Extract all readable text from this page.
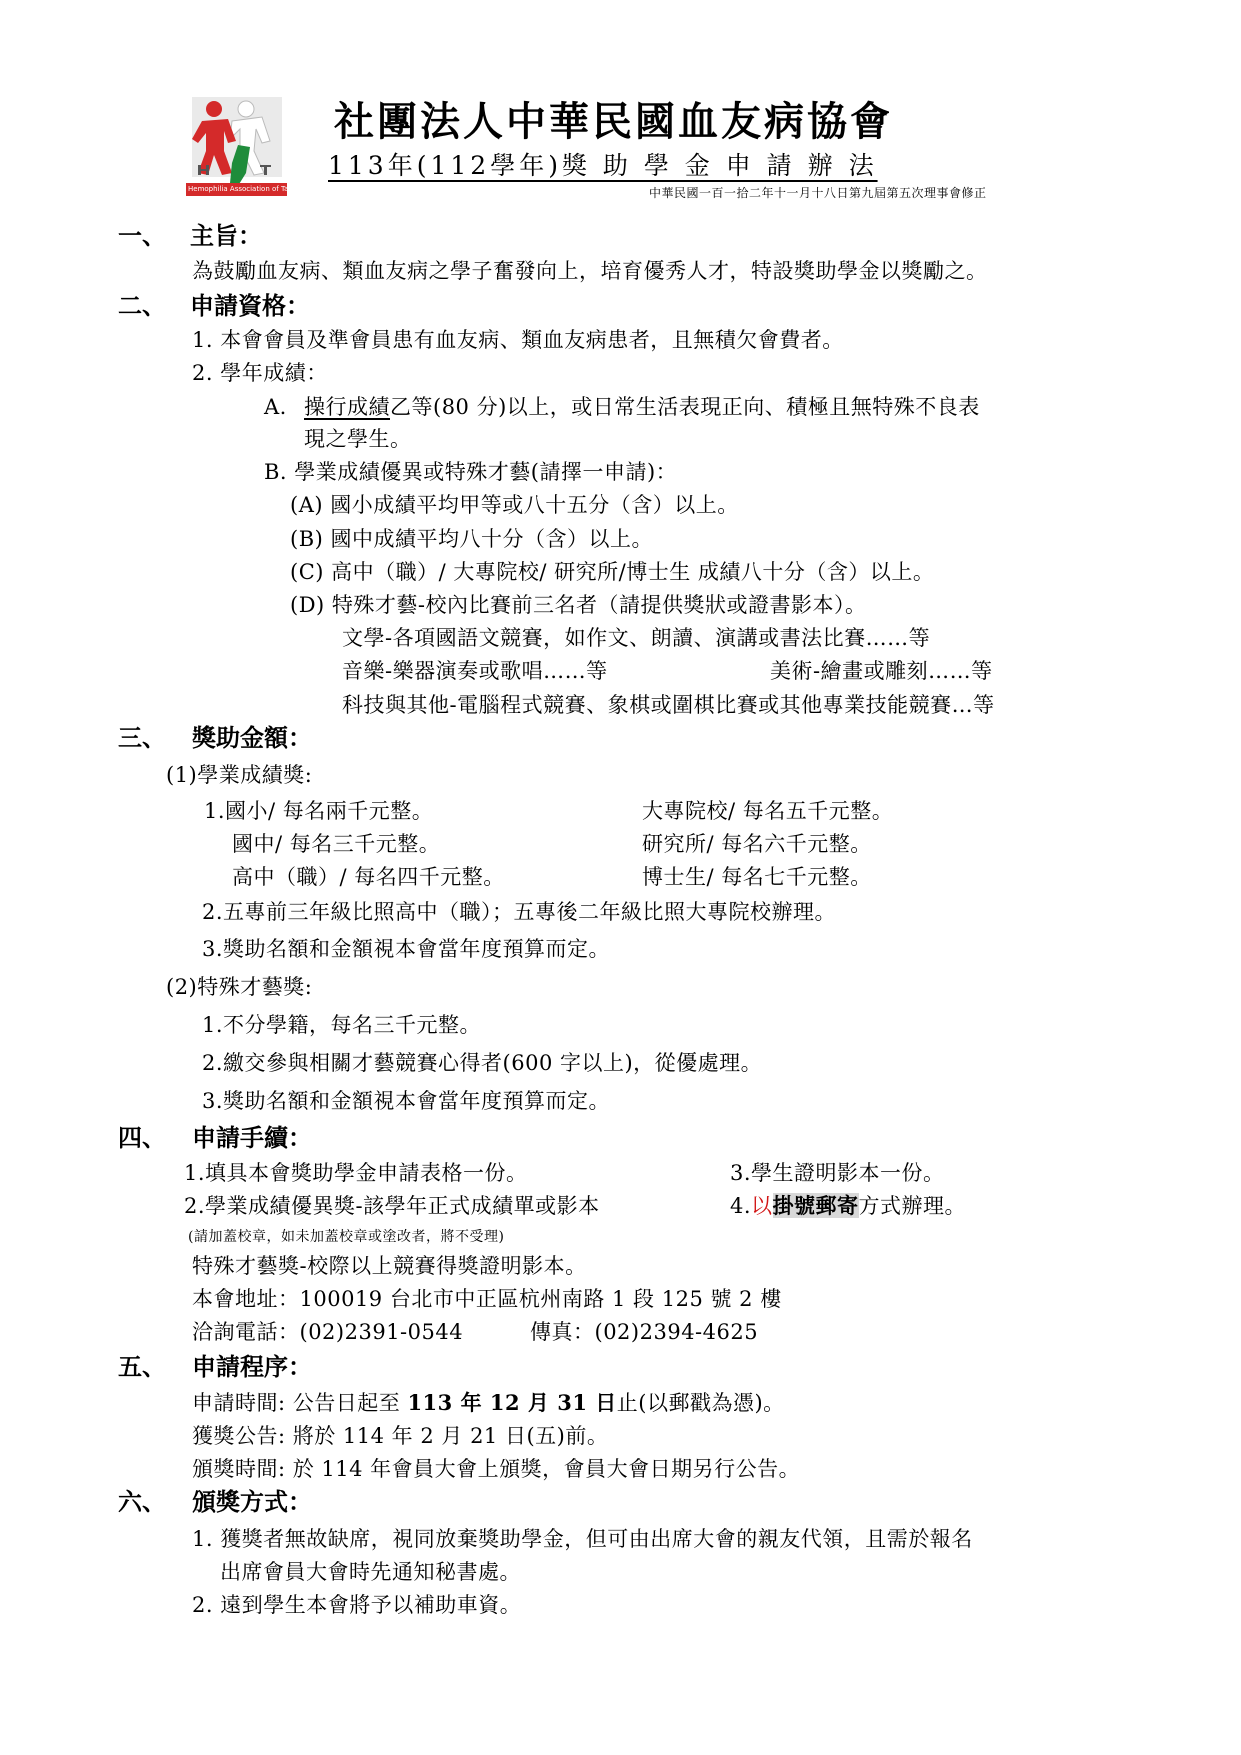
Hemophilia Association of Taiwan
社團法人中華民國血友病協會
113年(112學年)獎 助 學 金 申 請 辦 法
中華民國一百一拾二年十一月十八日第九屆第五次理事會修正
一、 主旨：
為鼓勵血友病、類血友病之學子奮發向上，培育優秀人才，特設獎助學金以獎勵之。
二、 申請資格：
1. 本會會員及準會員患有血友病、類血友病患者，且無積欠會費者。
2. 學年成績：
A. 操行成績乙等(80 分)以上，或日常生活表現正向、積極且無特殊不良表
現之學生。
B. 學業成績優異或特殊才藝(請擇一申請)：
(A) 國小成績平均甲等或八十五分（含）以上。
(B) 國中成績平均八十分（含）以上。
(C) 高中（職）/ 大專院校/ 研究所/博士生 成績八十分（含）以上。
(D) 特殊才藝-校內比賽前三名者（請提供獎狀或證書影本）。
文學-各項國語文競賽，如作文、朗讀、演講或書法比賽……等
音樂-樂器演奏或歌唱……等	美術-繪畫或雕刻……等
科技與其他-電腦程式競賽、象棋或圍棋比賽或其他專業技能競賽…等
三、 獎助金額：
(1)學業成績獎:
1.國小/ 每名兩千元整。	大專院校/ 每名五千元整。
國中/ 每名三千元整。	研究所/ 每名六千元整。
高中（職）/ 每名四千元整。	博士生/ 每名七千元整。
2.五專前三年級比照高中（職）；五專後二年級比照大專院校辦理。
3.獎助名額和金額視本會當年度預算而定。
(2)特殊才藝獎:
1.不分學籍，每名三千元整。
2.繳交參與相關才藝競賽心得者(600 字以上)，從優處理。
3.獎助名額和金額視本會當年度預算而定。
四、 申請手續：
1.填具本會獎助學金申請表格一份。	3.學生證明影本一份。
2.學業成績優異獎-該學年正式成績單或影本	4.以掛號郵寄方式辦理。
(請加蓋校章，如未加蓋校章或塗改者，將不受理)
特殊才藝獎-校際以上競賽得獎證明影本。
本會地址：100019 台北市中正區杭州南路 1 段 125 號 2 樓
洽詢電話：(02)2391-0544	傳真：(02)2394-4625
五、 申請程序：
申請時間: 公告日起至 113 年 12 月 31 日止(以郵戳為憑)。
獲獎公告: 將於 114 年 2 月 21 日(五)前。
頒獎時間: 於 114 年會員大會上頒獎，會員大會日期另行公告。
六、 頒獎方式：
1. 獲獎者無故缺席，視同放棄獎助學金，但可由出席大會的親友代領，且需於報名
出席會員大會時先通知秘書處。
2. 遠到學生本會將予以補助車資。
